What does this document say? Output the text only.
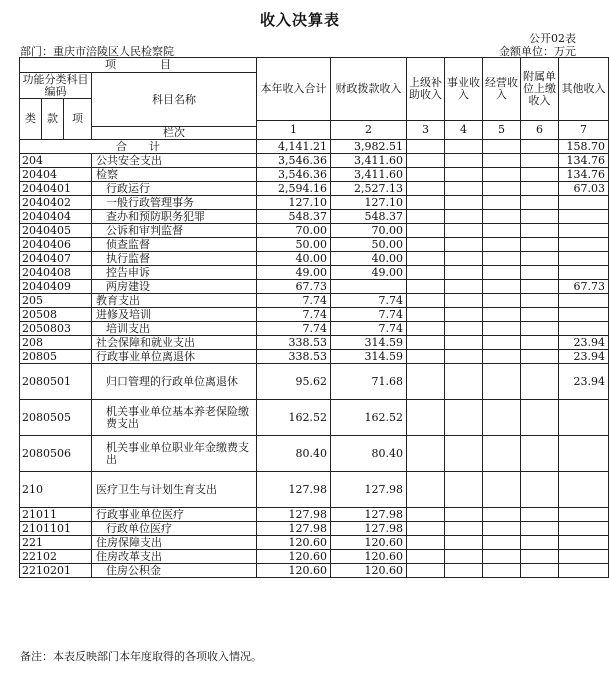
收入决算表
公开02表
部门：重庆市涪陵区人民检察院	金额单位：万元
项　　　　目				本年收入合计	财政拨款收入	上级补助收入	事业收入	经营收入	附属单位上缴收入	其他收入
功能分类科目编码			科目名称							
类	款	项								
				1	2	3	4	5	6	7
			栏次							
合　　计				4,141.21	3,982.51					158.70
204			公共安全支出	3,546.36	3,411.60					134.76
20404			检察	3,546.36	3,411.60					134.76
2040401			行政运行	2,594.16	2,527.13					67.03
2040402			一般行政管理事务	127.10	127.10					
2040404			查办和预防职务犯罪	548.37	548.37					
2040405			公诉和审判监督	70.00	70.00					
2040406			侦查监督	50.00	50.00					
2040407			执行监督	40.00	40.00					
2040408			控告申诉	49.00	49.00					
2040409			两房建设	67.73						67.73
205			教育支出	7.74	7.74					
20508			进修及培训	7.74	7.74					
2050803			培训支出	7.74	7.74					
208			社会保障和就业支出	338.53	314.59					23.94
20805			行政事业单位离退休	338.53	314.59					23.94
2080501			归口管理的行政单位离退休	95.62	71.68					23.94
2080505			机关事业单位基本养老保险缴费支出	162.52	162.52					
2080506			机关事业单位职业年金缴费支出	80.40	80.40					
210			医疗卫生与计划生育支出	127.98	127.98					
21011			行政事业单位医疗	127.98	127.98					
2101101			行政单位医疗	127.98	127.98					
221			住房保障支出	120.60	120.60					
22102			住房改革支出	120.60	120.60					
2210201			住房公积金	120.60	120.60					
备注：本表反映部门本年度取得的各项收入情况。
